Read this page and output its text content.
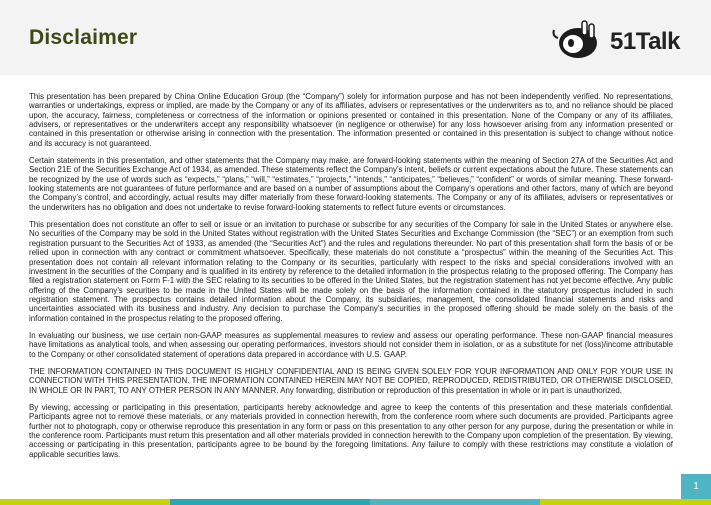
Disclaimer	51Talk

This presentation has been prepared by China Online Education Group (the “Company”) solely for information purpose and has not been independently verified. No representations, warranties or undertakings, express or implied, are made by the Company or any of its affiliates, advisers or representatives or the underwriters as to, and no reliance should be placed upon, the accuracy, fairness, completeness or correctness of the information or opinions presented or contained in this presentation. None of the Company or any of its affiliates, advisers, or representatives or the underwriters accept any responsibility whatsoever (in negligence or otherwise) for any loss howsoever arising from any information presented or contained in this presentation or otherwise arising in connection with the presentation. The information presented or contained in this presentation is subject to change without notice and its accuracy is not guaranteed.

Certain statements in this presentation, and other statements that the Company may make, are forward-looking statements within the meaning of Section 27A of the Securities Act and Section 21E of the Securities Exchange Act of 1934, as amended. These statements reflect the Company’s intent, beliefs or current expectations about the future. These statements can be recognized by the use of words such as “expects,” “plans,” “will,” “estimates,” “projects,” “intends,” “anticipates,” “believes,” “confident” or words of similar meaning. These forward-looking statements are not guarantees of future performance and are based on a number of assumptions about the Company’s operations and other factors, many of which are beyond the Company’s control, and accordingly, actual results may differ materially from these forward-looking statements. The Company or any of its affiliates, advisers or representatives or the underwriters has no obligation and does not undertake to revise forward-looking statements to reflect future events or circumstances.

This presentation does not constitute an offer to sell or issue or an invitation to purchase or subscribe for any securities of the Company for sale in the United States or anywhere else. No securities of the Company may be sold in the United States without registration with the United States Securities and Exchange Commission (the “SEC”) or an exemption from such registration pursuant to the Securities Act of 1933, as amended (the “Securities Act”) and the rules and regulations thereunder. No part of this presentation shall form the basis of or be relied upon in connection with any contract or commitment whatsoever. Specifically, these materials do not constitute a “prospectus” within the meaning of the Securities Act. This presentation does not contain all relevant information relating to the Company or its securities, particularly with respect to the risks and special considerations involved with an investment in the securities of the Company and is qualified in its entirety by reference to the detailed information in the prospectus relating to the proposed offering. The Company has filed a registration statement on Form F-1 with the SEC relating to its securities to be offered in the United States, but the registration statement has not yet become effective. Any public offering of the Company’s securities to be made in the United States will be made solely on the basis of the information contained in the statutory prospectus included in such registration statement. The prospectus contains detailed information about the Company, its subsidiaries, management, the consolidated financial statements and risks and uncertainties associated with its business and industry. Any decision to purchase the Company’s securities in the proposed offering should be made solely on the basis of the information contained in the prospectus relating to the proposed offering.

In evaluating our business, we use certain non-GAAP measures as supplemental measures to review and assess our operating performance. These non-GAAP financial measures have limitations as analytical tools, and when assessing our operating performances, investors should not consider them in isolation, or as a substitute for net (loss)/income attributable to the Company or other consolidated statement of operations data prepared in accordance with U.S. GAAP.

THE INFORMATION CONTAINED IN THIS DOCUMENT IS HIGHLY CONFIDENTIAL AND IS BEING GIVEN SOLELY FOR YOUR INFORMATION AND ONLY FOR YOUR USE IN CONNECTION WITH THIS PRESENTATION. THE INFORMATION CONTAINED HEREIN MAY NOT BE COPIED, REPRODUCED, REDISTRIBUTED, OR OTHERWISE DISCLOSED, IN WHOLE OR IN PART, TO ANY OTHER PERSON IN ANY MANNER. Any forwarding, distribution or reproduction of this presentation in whole or in part is unauthorized.

By viewing, accessing or participating in this presentation, participants hereby acknowledge and agree to keep the contents of this presentation and these materials confidential. Participants agree not to remove these materials, or any materials provided in connection herewith, from the conference room where such documents are provided. Participants agree further not to photograph, copy or otherwise reproduce this presentation in any form or pass on this presentation to any other person for any purpose, during the presentation or while in the conference room. Participants must return this presentation and all other materials provided in connection herewith to the Company upon completion of the presentation. By viewing, accessing or participating in this presentation, participants agree to be bound by the foregoing limitations. Any failure to comply with these restrictions may constitute a violation of applicable securities laws.

1
